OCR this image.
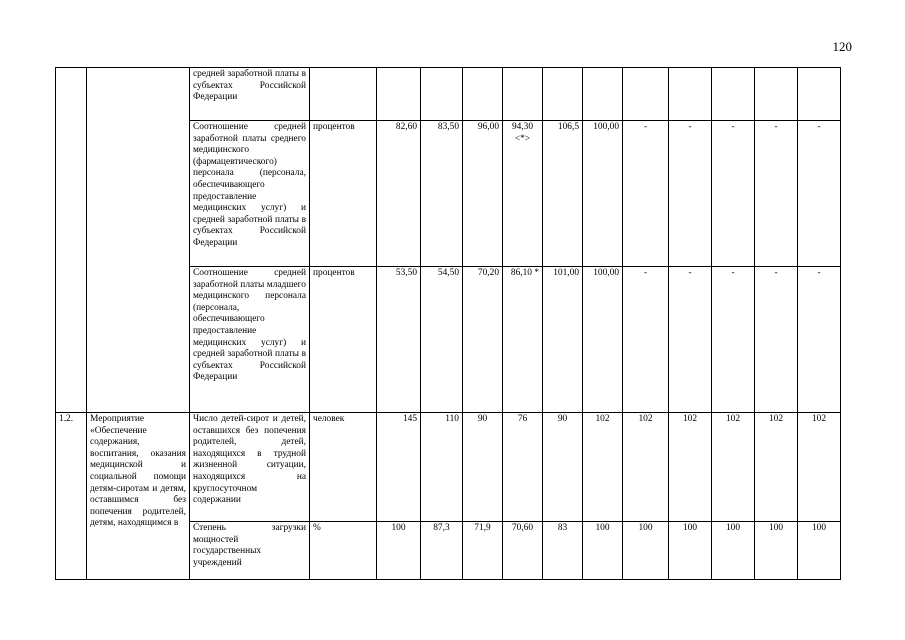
120
		средней заработной платы в субъектах Российской Федерации												
		Соотношение средней заработной платы среднего медицинского (фармацевтического) персонала (персонала, обеспечивающего предоставление медицинских услуг) и средней заработной платы в субъектах Российской Федерации	процентов	82,60	83,50	96,00	94,30 <*>	106,5	100,00	-	-	-	-	-
		Соотношение средней заработной платы младшего медицинского персонала (персонала, обеспечивающего предоставление медицинских услуг) и средней заработной платы в субъектах Российской Федерации	процентов	53,50	54,50	70,20	86,10 *	101,00	100,00	-	-	-	-	-
1.2.	Мероприятие «Обеспечение содержания, воспитания, оказания медицинской и социальной помощи детям-сиротам и детям, оставшимся без попечения родителей, детям, находящимся в	Число детей-сирот и детей, оставшихся без попечения родителей, детей, находящихся в трудной жизненной ситуации, находящихся на круглосуточном содержании	человек	145	110	90	76	90	102	102	102	102	102	102
		Степень загрузки мощностей государственных учреждений	%	100	87,3	71,9	70,60	83	100	100	100	100	100	100
